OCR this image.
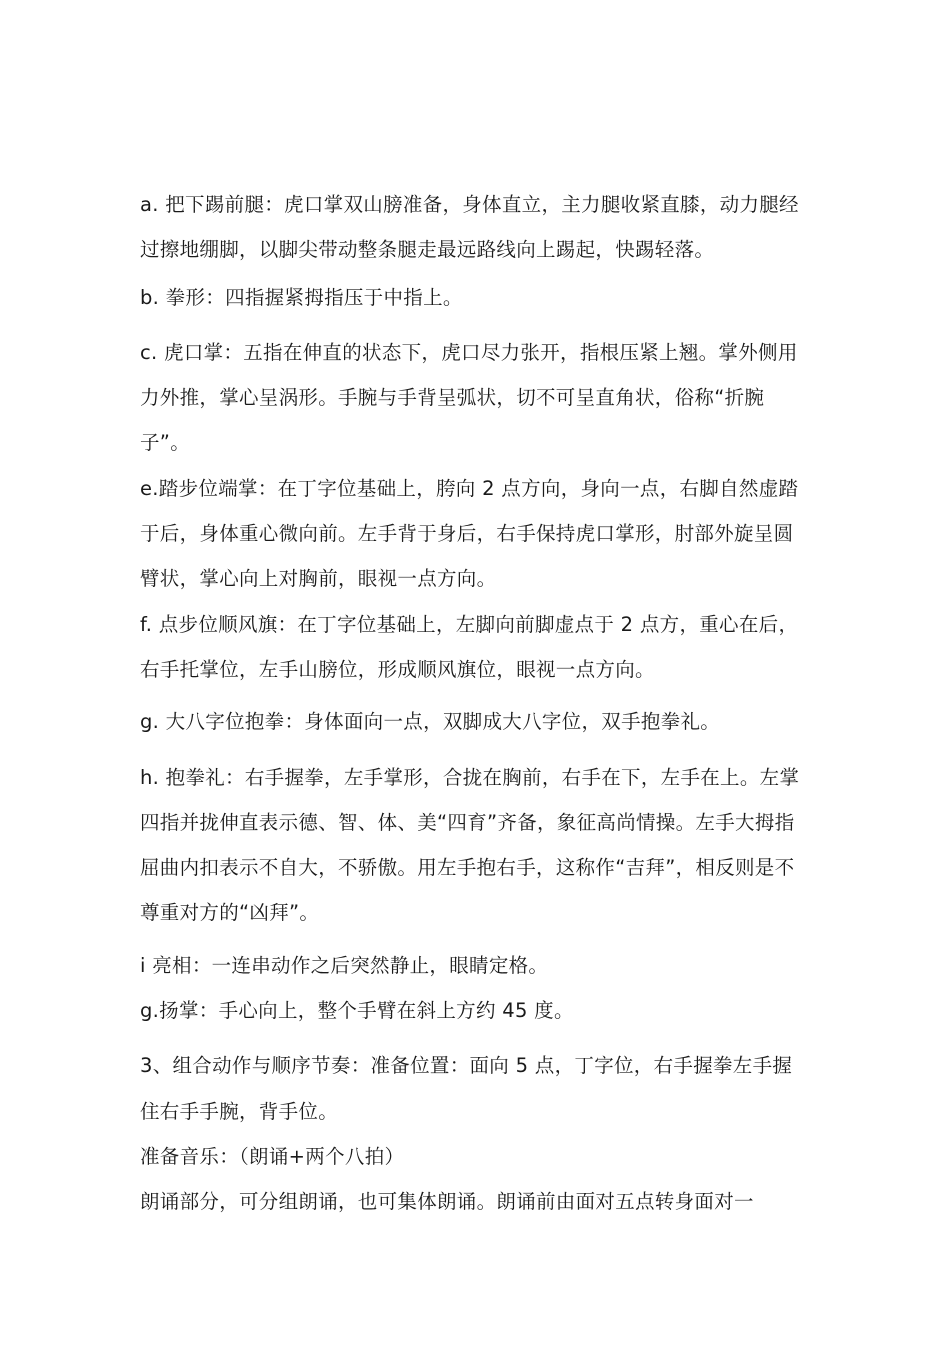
a. 把下踢前腿：虎口掌双山膀准备，身体直立，主力腿收紧直膝，动力腿经过擦地绷脚，以脚尖带动整条腿走最远路线向上踢起，快踢轻落。

b. 拳形：四指握紧拇指压于中指上。

c. 虎口掌：五指在伸直的状态下，虎口尽力张开，指根压紧上翘。掌外侧用力外推，掌心呈涡形。手腕与手背呈弧状，切不可呈直角状，俗称“折腕子”。

e.踏步位端掌：在丁字位基础上，胯向 2 点方向，身向一点，右脚自然虚踏于后，身体重心微向前。左手背于身后，右手保持虎口掌形，肘部外旋呈圆臂状，掌心向上对胸前，眼视一点方向。

f. 点步位顺风旗：在丁字位基础上，左脚向前脚虚点于 2 点方，重心在后，右手托掌位，左手山膀位，形成顺风旗位，眼视一点方向。

g. 大八字位抱拳：身体面向一点，双脚成大八字位，双手抱拳礼。

h. 抱拳礼：右手握拳，左手掌形，合拢在胸前，右手在下，左手在上。左掌四指并拢伸直表示德、智、体、美“四育”齐备，象征高尚情操。左手大拇指屈曲内扣表示不自大，不骄傲。用左手抱右手，这称作“吉拜”，相反则是不尊重对方的“凶拜”。

i 亮相：一连串动作之后突然静止，眼睛定格。

g.扬掌：手心向上，整个手臂在斜上方约 45 度。

3、组合动作与顺序节奏：准备位置：面向 5 点，丁字位，右手握拳左手握住右手手腕，背手位。

准备音乐：（朗诵+两个八拍）

朗诵部分，可分组朗诵，也可集体朗诵。朗诵前由面对五点转身面对一
